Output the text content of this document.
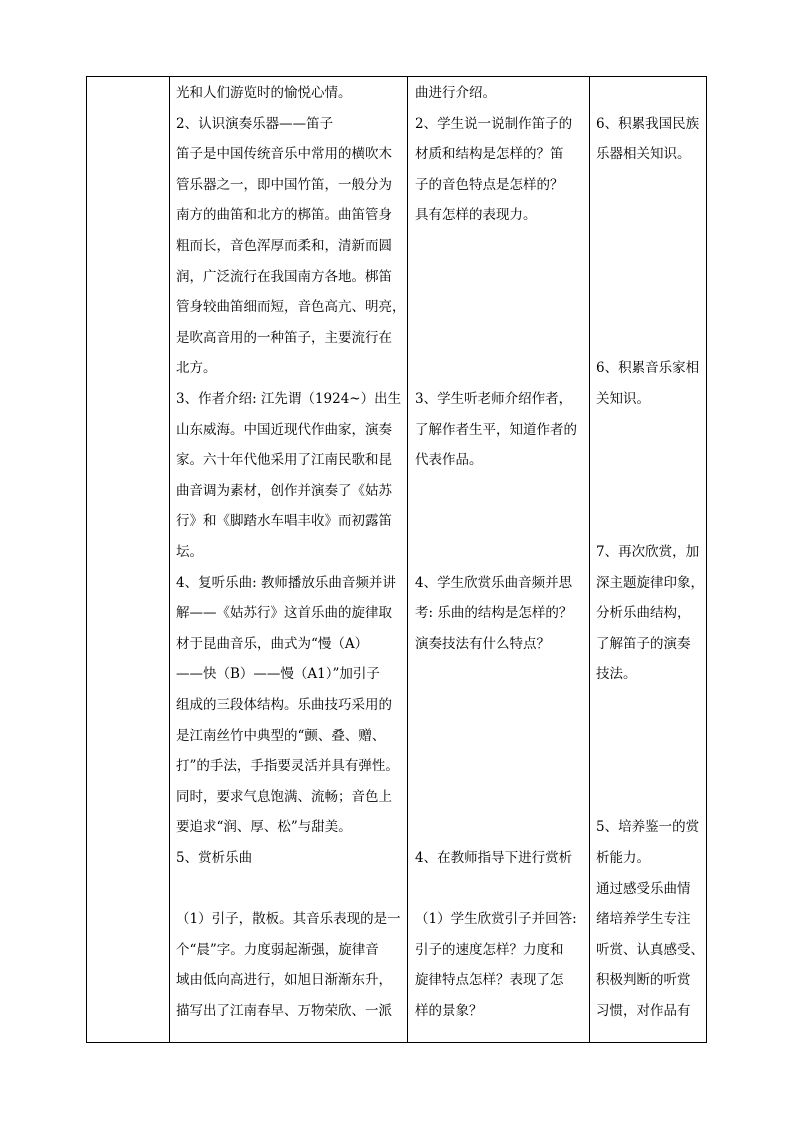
光和人们游览时的愉悦心情。
2、认识演奏乐器——笛子
笛子是中国传统音乐中常用的横吹木
管乐器之一，即中国竹笛，一般分为
南方的曲笛和北方的梆笛。曲笛管身
粗而长，音色浑厚而柔和，清新而圆
润，广泛流行在我国南方各地。梆笛
管身较曲笛细而短，音色高亢、明亮，
是吹高音用的一种笛子，主要流行在
北方。
3、作者介绍: 江先谓（1924~）出生
山东威海。中国近现代作曲家，演奏
家。六十年代他采用了江南民歌和昆
曲音调为素材，创作并演奏了《姑苏
行》和《脚踏水车唱丰收》而初露笛
坛。
4、复听乐曲: 教师播放乐曲音频并讲
解——《姑苏行》这首乐曲的旋律取
材于昆曲音乐，曲式为“慢（A）
——快（B）——慢（A1）”加引子
组成的三段体结构。乐曲技巧采用的
是江南丝竹中典型的“颤、叠、赠、
打”的手法，手指要灵活并具有弹性。
同时，要求气息饱满、流畅；音色上
要追求“润、厚、松”与甜美。
5、赏析乐曲
（1）引子，散板。其音乐表现的是一
个“晨”字。力度弱起渐强，旋律音
域由低向高进行，如旭日渐渐东升，
描写出了江南春早、万物荣欣、一派
曲进行介绍。
2、学生说一说制作笛子的
材质和结构是怎样的？笛
子的音色特点是怎样的？
具有怎样的表现力。
3、学生听老师介绍作者，
了解作者生平，知道作者的
代表作品。
4、学生欣赏乐曲音频并思
考: 乐曲的结构是怎样的？
演奏技法有什么特点？
4、在教师指导下进行赏析
（1）学生欣赏引子并回答:
引子的速度怎样？力度和
旋律特点怎样？表现了怎
样的景象？
6、积累我国民族
乐器相关知识。
6、积累音乐家相
关知识。
7、再次欣赏，加
深主题旋律印象，
分析乐曲结构，
了解笛子的演奏
技法。
5、培养鉴一的赏
析能力。
通过感受乐曲情
绪培养学生专注
听赏、认真感受、
积极判断的听赏
习惯，对作品有
